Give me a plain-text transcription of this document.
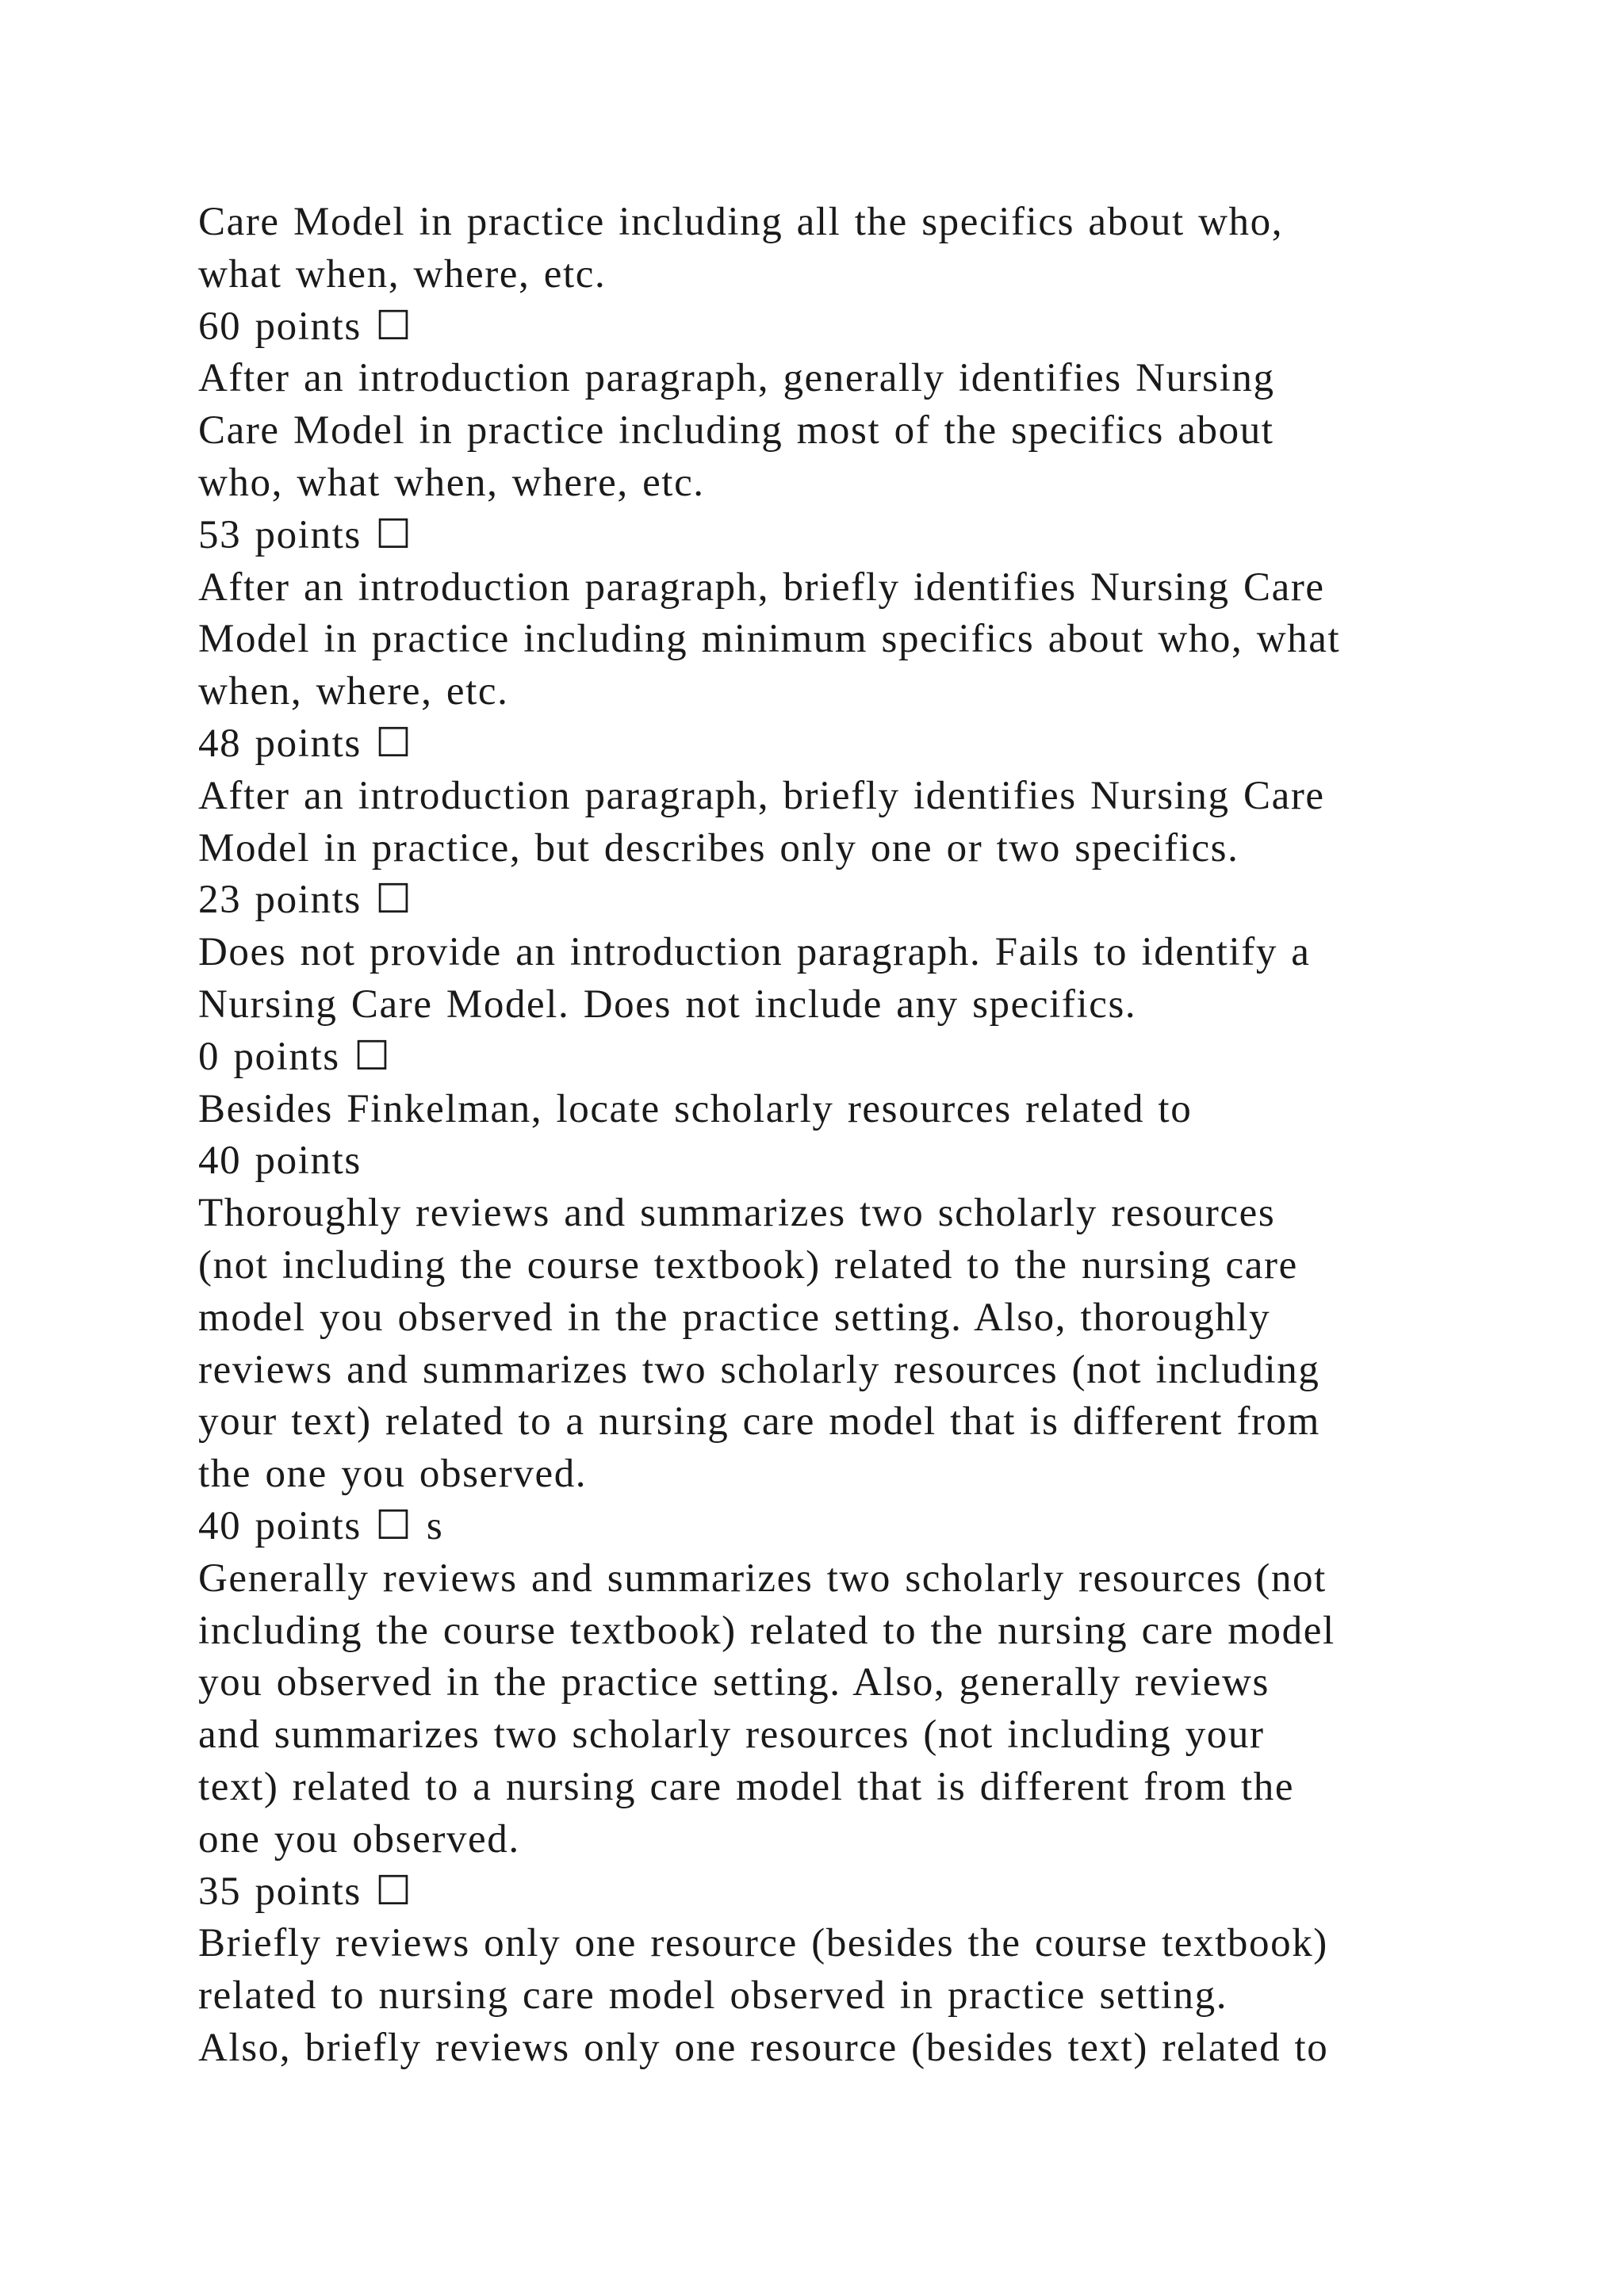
Care Model in practice including all the specifics about who,
what when, where, etc.
60 points ☐
After an introduction paragraph, generally identifies Nursing
Care Model in practice including most of the specifics about
who, what when, where, etc.
53 points ☐
After an introduction paragraph, briefly identifies Nursing Care
Model in practice including minimum specifics about who, what
when, where, etc.
48 points ☐
After an introduction paragraph, briefly identifies Nursing Care
Model in practice, but describes only one or two specifics.
23 points ☐
Does not provide an introduction paragraph. Fails to identify a
Nursing Care Model. Does not include any specifics.
0 points ☐
Besides Finkelman, locate scholarly resources related to
40 points
Thoroughly reviews and summarizes two scholarly resources
(not including the course textbook) related to the nursing care
model you observed in the practice setting. Also, thoroughly
reviews and summarizes two scholarly resources (not including
your text) related to a nursing care model that is different from
the one you observed.
40 points ☐ s
Generally reviews and summarizes two scholarly resources (not
including the course textbook) related to the nursing care model
you observed in the practice setting. Also, generally reviews
and summarizes two scholarly resources (not including your
text) related to a nursing care model that is different from the
one you observed.
35 points ☐
Briefly reviews only one resource (besides the course textbook)
related to nursing care model observed in practice setting.
Also, briefly reviews only one resource (besides text) related to
